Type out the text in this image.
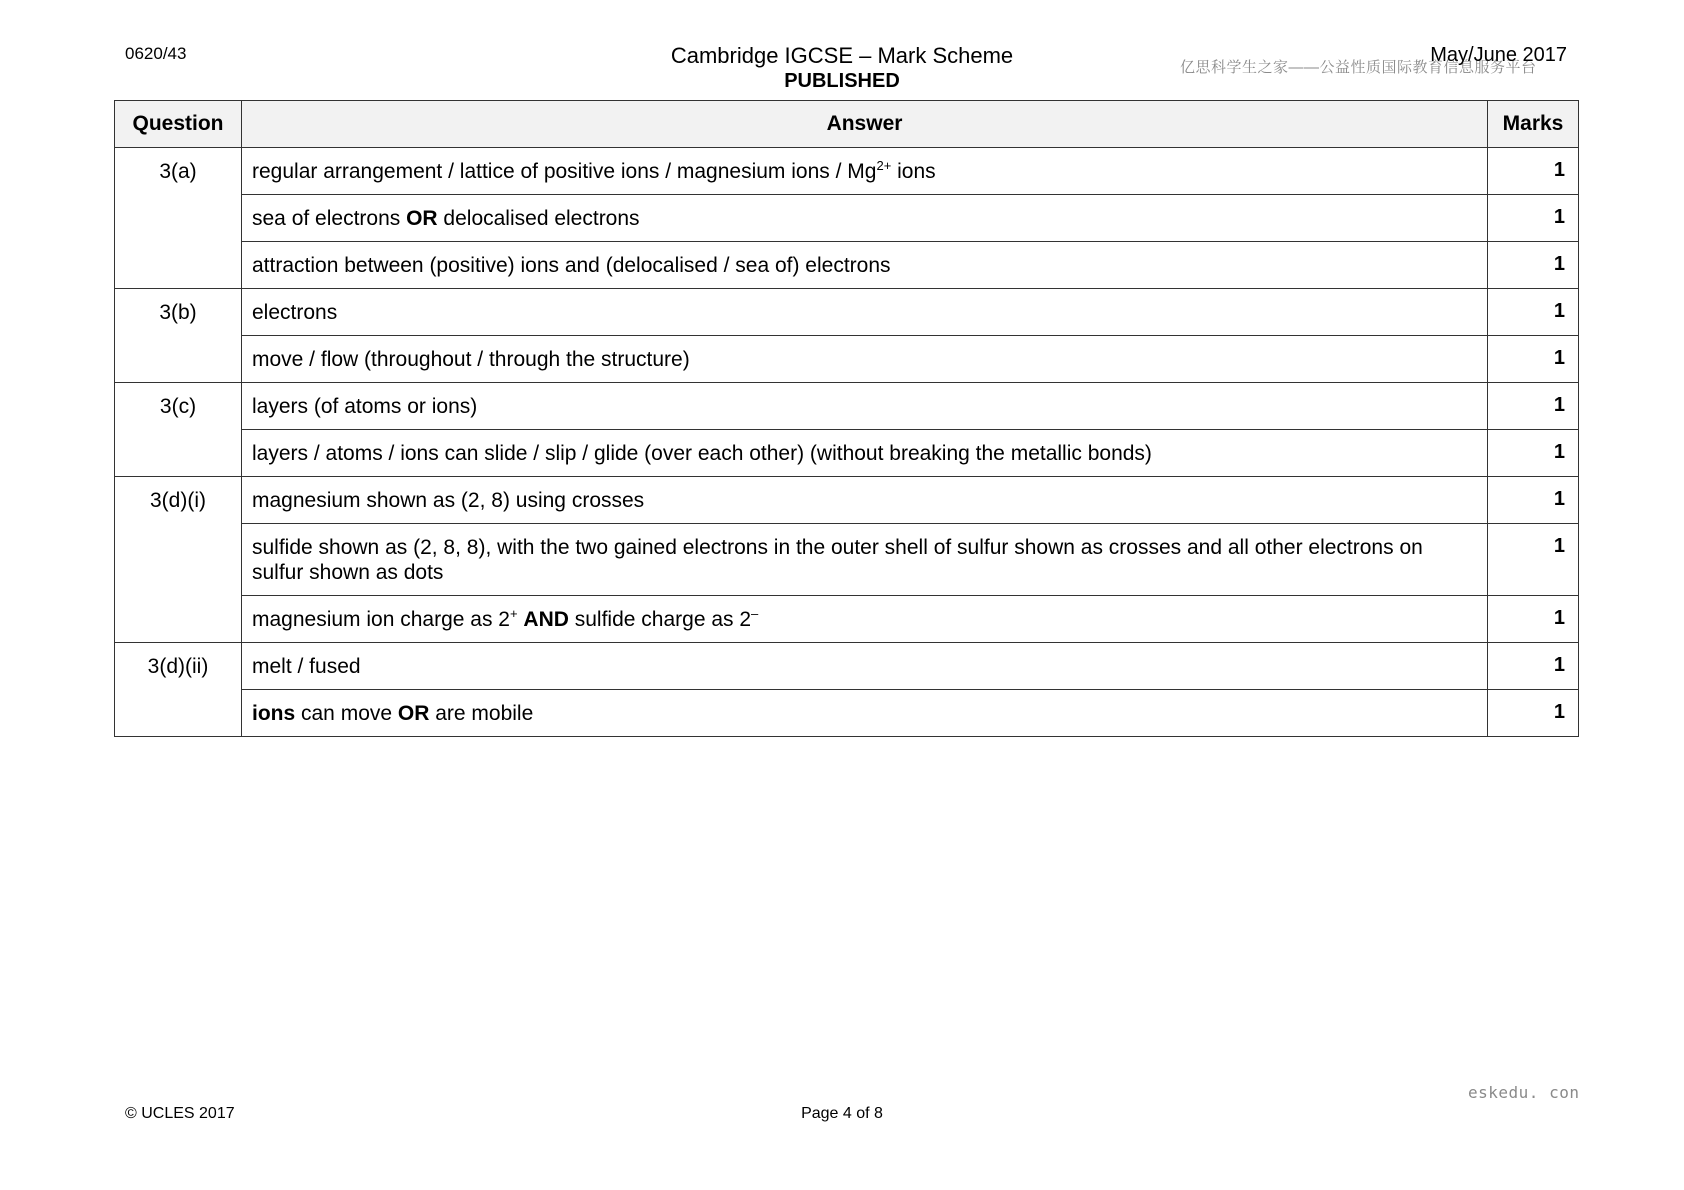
0620/43	Cambridge IGCSE – Mark Scheme
PUBLISHED
亿思科学生之家——公益性质国际教育信息服务平台
May/June 2017
Question	Answer	Marks
3(a)	regular arrangement / lattice of positive ions / magnesium ions / $Mg^{2+}$ ions	1
	sea of electrons OR delocalised electrons	1
	attraction between (positive) ions and (delocalised / sea of) electrons	1
3(b)	electrons	1
	move / flow (throughout / through the structure)	1
3(c)	layers (of atoms or ions)	1
	layers / atoms / ions can slide / slip / glide (over each other) (without breaking the metallic bonds)	1
3(d)(i)	magnesium shown as (2, 8) using crosses	1
	sulfide shown as (2, 8, 8), with the two gained electrons in the outer shell of sulfur shown as crosses and all other electrons on sulfur shown as dots	1
	magnesium ion charge as 2+ AND sulfide charge as 2–	1
3(d)(ii)	melt / fused	1
	ions can move OR are mobile	1
© UCLES 2017	Page 4 of 8
eskedu. con
